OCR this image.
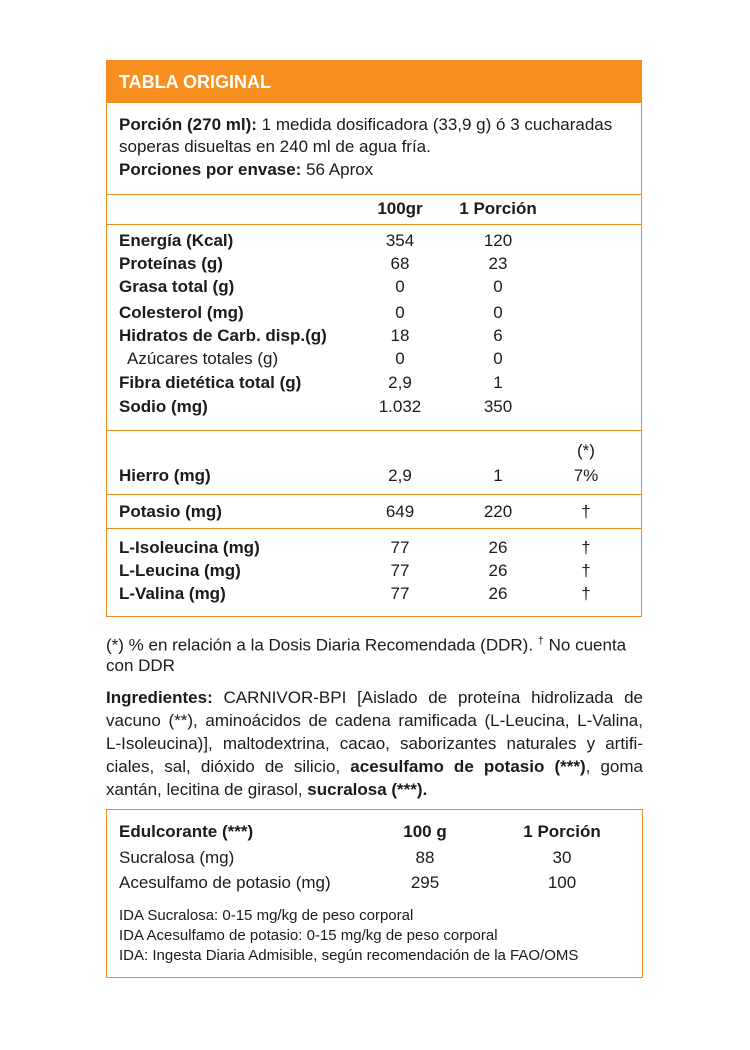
TABLA ORIGINAL
Porción (270 ml): 1 medida dosificadora (33,9 g) ó 3 cucharadas
soperas disueltas en 240 ml de agua fría.
Porciones por envase: 56 Aprox
100gr	1 Porción
Energía (Kcal)	354	120
Proteínas (g)	68	23
Grasa total (g)	0	0
Colesterol (mg)	0	0
Hidratos de Carb. disp.(g)	18	6
Azúcares totales (g)	0	0
Fibra dietética total (g)	2,9	1
Sodio (mg)	1.032	350
(*)
Hierro (mg)	2,9	1	7%
Potasio (mg)	649	220	†
L-Isoleucina (mg)	77	26	†
L-Leucina (mg)	77	26	†
L-Valina (mg)	77	26	†
(*) % en relación a la Dosis Diaria Recomendada (DDR). † No cuenta
con DDR
Ingredientes: CARNIVOR-BPI [Aislado de proteína hidrolizada de
vacuno (**), aminoácidos de cadena ramificada (L-Leucina, L-Valina,
L-Isoleucina)], maltodextrina, cacao, saborizantes naturales y artifi-
ciales, sal, dióxido de silicio, acesulfamo de potasio (***), goma
xantán, lecitina de girasol, sucralosa (***).
Edulcorante (***)	100 g	1 Porción
Sucralosa (mg)	88	30
Acesulfamo de potasio (mg)	295	100
IDA Sucralosa: 0-15 mg/kg de peso corporal
IDA Acesulfamo de potasio: 0-15 mg/kg de peso corporal
IDA: Ingesta Diaria Admisible, según recomendación de la FAO/OMS
